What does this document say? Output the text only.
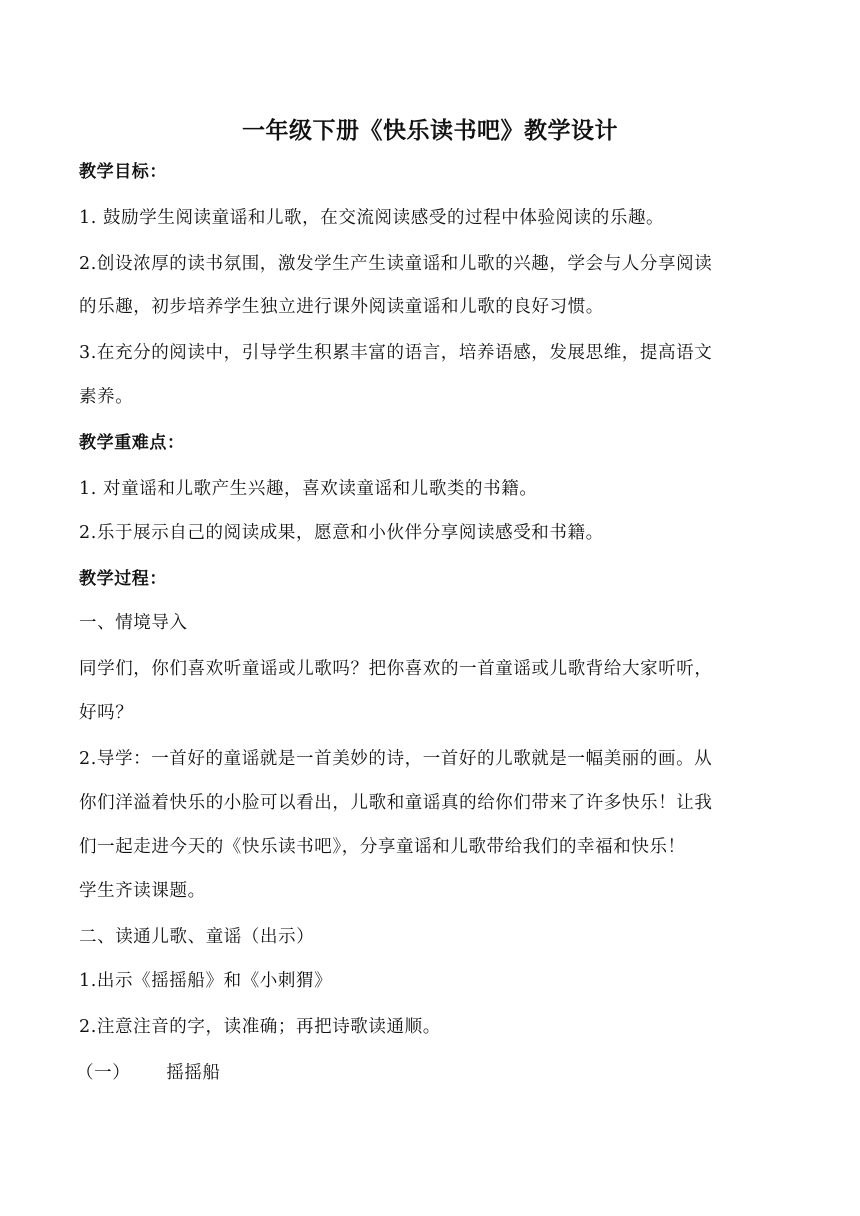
一年级下册《快乐读书吧》教学设计
教学目标：
1. 鼓励学生阅读童谣和儿歌，在交流阅读感受的过程中体验阅读的乐趣。
2.创设浓厚的读书氛围，激发学生产生读童谣和儿歌的兴趣，学会与人分享阅读
的乐趣，初步培养学生独立进行课外阅读童谣和儿歌的良好习惯。
3.在充分的阅读中，引导学生积累丰富的语言，培养语感，发展思维，提高语文
素养。
教学重难点：
1. 对童谣和儿歌产生兴趣，喜欢读童谣和儿歌类的书籍。
2.乐于展示自己的阅读成果，愿意和小伙伴分享阅读感受和书籍。
教学过程：
一、情境导入
同学们，你们喜欢听童谣或儿歌吗？把你喜欢的一首童谣或儿歌背给大家听听，
好吗？
2.导学：一首好的童谣就是一首美妙的诗，一首好的儿歌就是一幅美丽的画。从
你们洋溢着快乐的小脸可以看出，儿歌和童谣真的给你们带来了许多快乐！让我
们一起走进今天的《快乐读书吧》，分享童谣和儿歌带给我们的幸福和快乐！
学生齐读课题。
二、读通儿歌、童谣（出示）
1.出示《摇摇船》和《小刺猬》
2.注意注音的字，读准确；再把诗歌读通顺。
（一） 摇摇船
